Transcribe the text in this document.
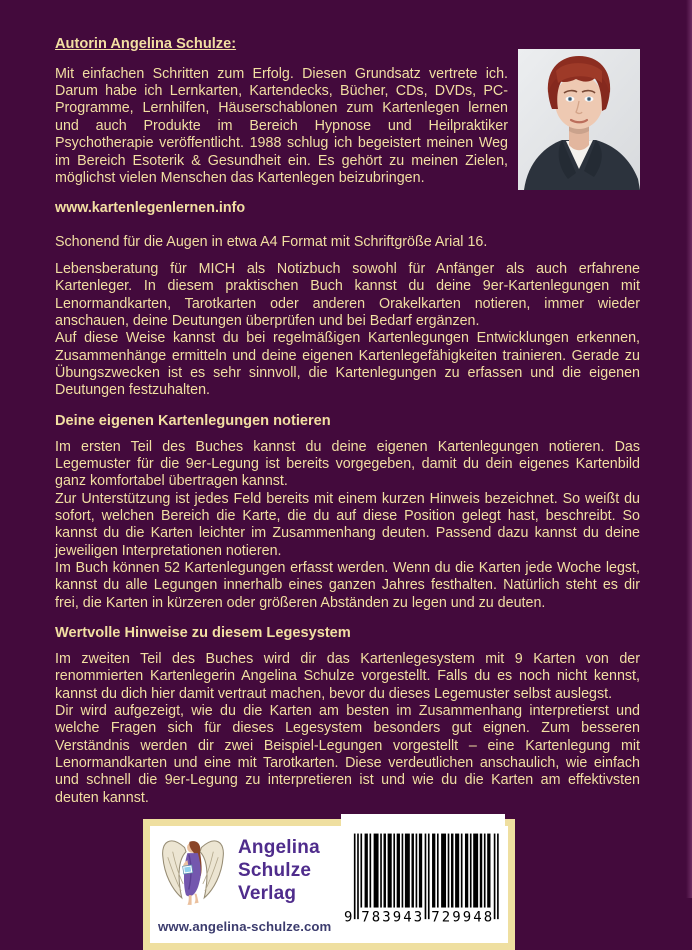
Autorin Angelina Schulze:

Mit einfachen Schritten zum Erfolg. Diesen Grundsatz vertrete ich. Darum habe ich Lernkarten, Kartendecks, Bücher, CDs, DVDs, PC-Programme, Lernhilfen, Häuserschablonen zum Kartenlegen lernen und auch Produkte im Bereich Hypnose und Heilpraktiker Psychotherapie veröffentlicht. 1988 schlug ich begeistert meinen Weg im Bereich Esoterik & Gesundheit ein. Es gehört zu meinen Zielen, möglichst vielen Menschen das Kartenlegen beizubringen.

www.kartenlegenlernen.info

Schonend für die Augen in etwa A4 Format mit Schriftgröße Arial 16.

Lebensberatung für MICH als Notizbuch sowohl für Anfänger als auch erfahrene Kartenleger. In diesem praktischen Buch kannst du deine 9er-Kartenlegungen mit Lenormandkarten, Tarotkarten oder anderen Orakelkarten notieren, immer wieder anschauen, deine Deutungen überprüfen und bei Bedarf ergänzen.

Auf diese Weise kannst du bei regelmäßigen Kartenlegungen Entwicklungen erkennen, Zusammenhänge ermitteln und deine eigenen Kartenlegefähigkeiten trainieren. Gerade zu Übungszwecken ist es sehr sinnvoll, die Kartenlegungen zu erfassen und die eigenen Deutungen festzuhalten.

Deine eigenen Kartenlegungen notieren

Im ersten Teil des Buches kannst du deine eigenen Kartenlegungen notieren. Das Legemuster für die 9er-Legung ist bereits vorgegeben, damit du dein eigenes Kartenbild ganz komfortabel übertragen kannst.

Zur Unterstützung ist jedes Feld bereits mit einem kurzen Hinweis bezeichnet. So weißt du sofort, welchen Bereich die Karte, die du auf diese Position gelegt hast, beschreibt. So kannst du die Karten leichter im Zusammenhang deuten. Passend dazu kannst du deine jeweiligen Interpretationen notieren.

Im Buch können 52 Kartenlegungen erfasst werden. Wenn du die Karten jede Woche legst, kannst du alle Legungen innerhalb eines ganzen Jahres festhalten. Natürlich steht es dir frei, die Karten in kürzeren oder größeren Abständen zu legen und zu deuten.

Wertvolle Hinweise zu diesem Legesystem

Im zweiten Teil des Buches wird dir das Kartenlegesystem mit 9 Karten von der renommierten Kartenlegerin Angelina Schulze vorgestellt. Falls du es noch nicht kennst, kannst du dich hier damit vertraut machen, bevor du dieses Legemuster selbst auslegst.

Dir wird aufgezeigt, wie du die Karten am besten im Zusammenhang interpretierst und welche Fragen sich für dieses Legesystem besonders gut eignen. Zum besseren Verständnis werden dir zwei Beispiel-Legungen vorgestellt – eine Kartenlegung mit Lenormandkarten und eine mit Tarotkarten. Diese verdeutlichen anschaulich, wie einfach und schnell die 9er-Legung zu interpretieren ist und wie du die Karten am effektivsten deuten kannst.

Angelina
Schulze
Verlag
www.angelina-schulze.com
9 783943 729948
